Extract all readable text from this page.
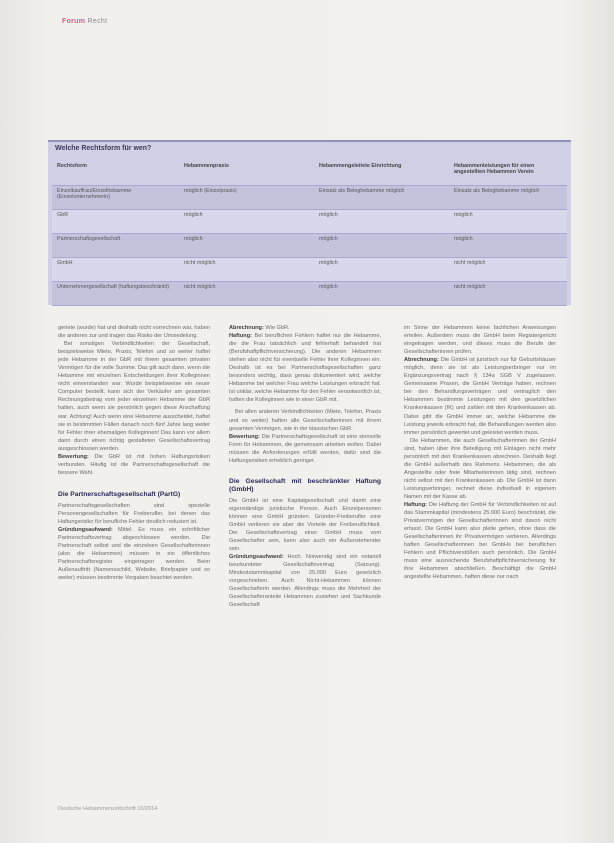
Forum Recht
Welche Rechtsform für wen?
Rechtsform	Hebammenpraxis	Hebammengeleitete Einrichtung	Hebammenleistungen für einen angestellten Hebammen Verein
Einzelkauffrau/Einzelhebamme (Einzelunternehmerin)	möglich (Einzelpraxis)	Einsatz als Beleghebamme möglich	Einsatz als Beleghebamme möglich
GbR	möglich	möglich	möglich
Partnerschaftsgesellschaft	möglich	möglich	möglich
GmbH	nicht möglich	möglich	nicht möglich
Unternehmergesellschaft (haftungsbeschränkt)	nicht möglich	möglich	nicht möglich

geriete (wurde) hat und deshalb nicht vorrechnen war, haben die anderen zur und tragen das Risiko der Umsiedelung.

Bei sonstigen Verbindlichkeiten der Gesellschaft, beispielsweise Miete, Praxis, Telefon und so weiter haftet jede Hebamme in der GbR mit ihrem gesamten privaten Vermögen für die volle Summe. Das gilt auch dann, wenn die Hebamme mit einzelnen Entscheidungen ihrer Kolleginnen nicht einverstanden war. Wurde beispielsweise ein neuer Computer bestellt, kann sich der Verkäufer am gesamten Rechnungsbetrag vom jeder einzelnen Hebamme der GbR halten, auch wenn sie persönlich gegen diese Anschaffung war. Achtung! Auch wenn eine Hebamme ausscheidet, haftet sie in bestimmten Fällen danach noch fünf Jahre lang weiter für Fehler ihrer ehemaligen Kolleginnen! Das kann vor allem dann durch einen richtig gestalteten Gesellschaftsvertrag ausgeschlossen werden.

Bewertung: Die GbR ist mit hohen Haftungsrisiken verbunden. Häufig ist die Partnerschaftsgesellschaft die bessere Wahl.

Die Partnerschaftsgesellschaft (PartG)

Partnerschaftsgesellschaften sind spezielle Personengesellschaften für Freiberufler, bei denen das Haftungsrisiko für berufliche Fehler deutlich reduziert ist.

Gründungsaufwand: Mittel. Es muss ein schriftlicher Partnerschaftsvertrag abgeschlossen werden. Die Partnerschaft selbst und die einzelnen Gesellschafterinnen (also die Hebammen) müssen in ein öffentliches Partnerschaftsregister eingetragen werden. Beim Außenauftritt (Namensschild, Website, Briefpapier und so weiter) müssen bestimmte Vorgaben beachtet werden.

Abrechnung: Wie GbR.

Haftung: Bei beruflichen Fehlern haftet nur die Hebamme, die die Frau tatsächlich und fehlerhaft behandelt hat (Berufshaftpflichtversicherung). Die anderen Hebammen stehen also nicht für eventuelle Fehler ihrer Kolleginnen ein. Deshalb ist es bei Partnerschaftsgesellschaften ganz besonders wichtig, dass genau dokumentiert wird, welche Hebamme bei welcher Frau welche Leistungen erbracht hat. Ist unklar, welche Hebamme für den Fehler verantwortlich ist, haften die Kolleginnen wie in einer GbR mit.

Bei allen anderen Verbindlichkeiten (Miete, Telefon, Praxis und so weiter) haften alle Gesellschafterinnen mit ihrem gesamten Vermögen, wie in der klassischen GbR.

Bewertung: Die Partnerschaftsgesellschaft ist eine sinnvolle Form für Hebammen, die gemeinsam arbeiten wollen. Dabei müssen die Anforderungen erfüllt werden, dafür sind die Haftungsrisiken erheblich geringer.

Die Gesellschaft mit beschränkter Haftung (GmbH)

Die GmbH ist eine Kapitalgesellschaft und damit eine eigenständige juristische Person. Auch Einzelpersonen können eine GmbH gründen. Gründer-Freiberufler eine GmbH verlieren sie aber die Vorteile der Freiberuflichkeit. Der Gesellschaftsvertrag einer GmbH muss vom Gesellschafter sein, kann also auch ein Außenstehender sein.

Gründungsaufwand: Hoch. Notwendig sind ein notariell beurkundeter Gesellschaftsvertrag (Satzung). Mindeststammkapital von 25.000 Euro gesetzlich vorgeschrieben. Auch Nicht-Hebammen können Gesellschafterin werden. Allerdings muss die Mehrheit der Gesellschafteranteile Hebammen zustehen und Sachkunde Gesellschaft

im Sinne der Hebammen keine fachlichen Anweisungen erteilen. Außerdem muss die GmbH beim Registergericht eingetragen werden, und dieses muss die Berufe der Gesellschafterinnen prüfen.

Abrechnung: Die GmbH ist juristisch nur für Geburtshäuser möglich, denn sie ist als Leistungserbringer nur im Ergänzungsvertrag nach § 134a SGB V zugelassen. Gemeinsame Praxen, die GmbH Verträge haben, rechnen bei den Behandlungsverträgen und vertraglich den Hebammen bestimmte Leistungen mit den gesetzlichen Krankenkassen (IK) und zahlen mit den Krankenkassen ab. Dabei gibt die GmbH immer an, welche Hebamme die Leistung jeweils erbracht hat, die Behandlungen werden also immer persönlich gewertet und geleistet werden muss.

Die Hebammen, die auch Gesellschafterinnen der GmbH sind, haben über ihre Beteiligung mit Einlagen nicht mehr persönlich mit den Krankenkassen abrechnen. Deshalb liegt die GmbH außerhalb des Rahmens. Hebammen, die als Angestellte oder freie Mitarbeiterinnen tätig sind, rechnen nicht selbst mit den Krankenkassen ab. Die GmbH ist dann Leistungserbringer, rechnet diese individuell in eigenem Namen mit der Kasse ab.

Haftung: Die Haftung der GmbH für Verbindlichkeiten ist auf das Stammkapital (mindestens 25.000 Euro) beschränkt, die Privatvermögen der Gesellschafterinnen sind davon nicht erfasst. Die GmbH kann also pleite gehen, ohne dass die Gesellschafterinnen ihr Privatvermögen verlieren. Allerdings haften Gesellschafterinnen bei GmbHs bei beruflichen Fehlern und Pflichtverstößen auch persönlich. Die GmbH muss eine ausreichende Berufshaftpflichtversicherung für ihre Hebammen abschließen. Beschäftigt die GmbH angestellte Hebammen, haften diese nur nach

Deutsche Hebammenzeitschrift 10/2014
